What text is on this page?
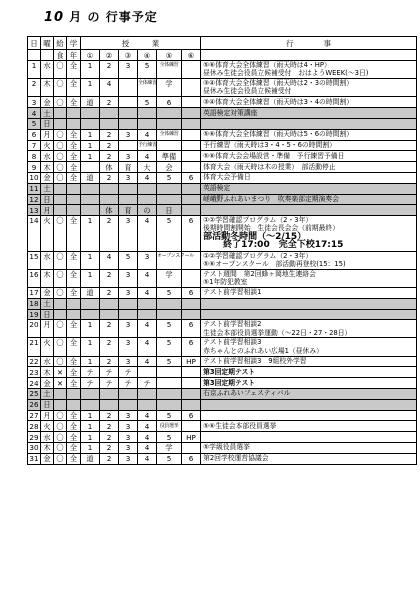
10 月 の 行事予定
日	曜	給	学	授　　　業						行　　　　事
		食	年	①	②	③	④	⑤	⑥	
1	水	〇	全	1	2	3	5	全体練習		⑤⑥体育大会全体練習（雨天時は4・HP）
昼休み生徒会役員立候補受付　おはようWEEK(～3日)

2	木	〇	全	1	4		全体練習	学		③④体育大会全体練習（雨天時は2・3の時間割）
昼休み生徒会役員立候補受付

3	金	〇	全	道	2		5	6		③④体育大会全体練習（雨天時は3・4の時間割）
4	土									英語検定対策講座
5	日									
6	月	〇	全	1	2	3	4	全体練習		⑤⑥体育大会全体練習（雨天時は5・6の時間割）
7	火	〇	全	1	2		予行練習			予行練習（雨天時は3・4・5・6の時間割）
8	水	〇	全	1	2	3	4	準備		⑤⑥体育大会会場設営・準備　予行練習予備日
9	木	〇	全		体	育	大	会		体育大会（雨天時は木の授業）　部活動停止
10	金	〇	全	道	2	3	4	5	6	体育大会予備日
11	土									英語検定
12	日									嵯峨野ふれあいまつり　吹奏楽部定期演奏会
13	月				体	育	の	日		
14	火	〇	全	1	2	3	4	5	6	①②学習確認プログラム（2・3年）
後期時間割開始　生徒会長会会（前期最終）
部活動冬時間（～2/15）
終了17:00　完全下校17:15

15	水	〇	全	1	4	5	3	オープンスクール		①②学習確認プログラム（2・3年）
⑤⑥オープンスクール　部活動再登校(15：15)

16	木	〇	全	1	2	3	4	学		テスト週間　第2回蜂ヶ岡地生連絡会
⑤1年防犯教室

17	金	〇	全	道	2	3	4	5	6	テスト前学習相談1
18	土									
19	日									
20	月	〇	全	1	2	3	4	5	6	テスト前学習相談2
生徒会本部役員選挙運動（～22日・27・28日）

21	火	〇	全	1	2	3	4	5	6	テスト前学習相談3
赤ちゃんとのふれあい広場1（昼休み）

22	水	〇	全	1	2	3	4	5	HP	テスト前学習相談3　9組校外学習
23	木	✕	全	テ	テ	テ				第3回定期テスト
24	金	✕	全	テ	テ	テ	テ			第3回定期テスト
25	土									右京ふれあいフェスティバル
26	日									
27	月	〇	全	1	2	3	4	5	6	
28	火	〇	全	1	2	3	4	役員選挙		⑤⑥生徒会本部役員選挙
29	水	〇	全	1	2	3	4	5	HP	
30	木	〇	全	1	2	3	4	学		⑤学級役員選挙
31	金	〇	全	道	2	3	4	5	6	第2回学校運営協議会
